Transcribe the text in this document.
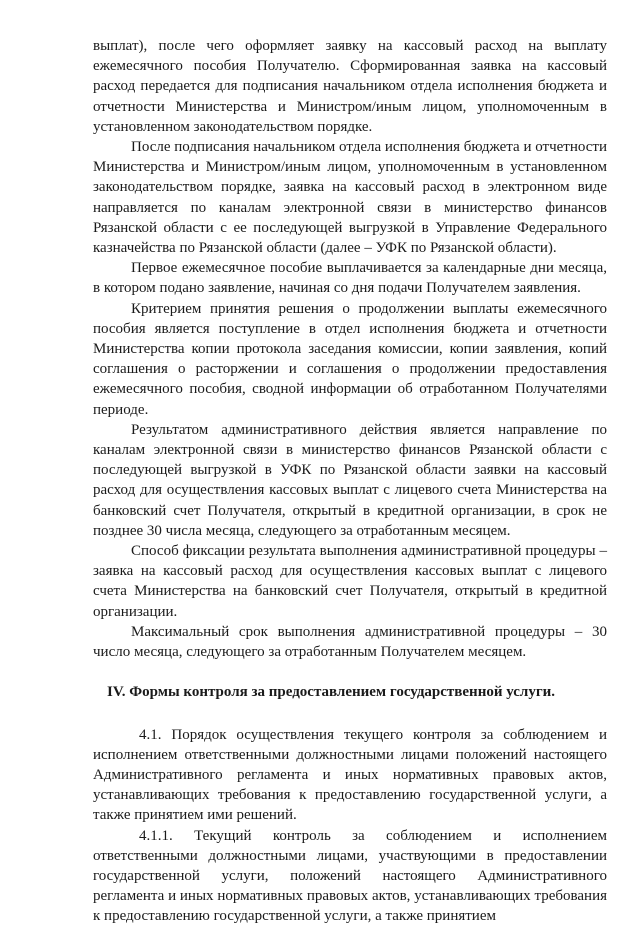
выплат), после чего оформляет заявку на кассовый расход на выплату ежемесячного пособия Получателю. Сформированная заявка на кассовый расход передается для подписания начальником отдела исполнения бюджета и отчетности Министерства и Министром/иным лицом, уполномоченным в установленном законодательством порядке.

После подписания начальником отдела исполнения бюджета и отчетности Министерства и Министром/иным лицом, уполномоченным в установленном законодательством порядке, заявка на кассовый расход в электронном виде направляется по каналам электронной связи в министерство финансов Рязанской области с ее последующей выгрузкой в Управление Федерального казначейства по Рязанской области (далее – УФК по Рязанской области).

Первое ежемесячное пособие выплачивается за календарные дни месяца, в котором подано заявление, начиная со дня подачи Получателем заявления.

Критерием принятия решения о продолжении выплаты ежемесячного пособия является поступление в отдел исполнения бюджета и отчетности Министерства копии протокола заседания комиссии, копии заявления, копий соглашения о расторжении и соглашения о продолжении предоставления ежемесячного пособия, сводной информации об отработанном Получателями периоде.

Результатом административного действия является направление по каналам электронной связи в министерство финансов Рязанской области с последующей выгрузкой в УФК по Рязанской области заявки на кассовый расход для осуществления кассовых выплат с лицевого счета Министерства на банковский счет Получателя, открытый в кредитной организации, в срок не позднее 30 числа месяца, следующего за отработанным месяцем.

Способ фиксации результата выполнения административной процедуры – заявка на кассовый расход для осуществления кассовых выплат с лицевого счета Министерства на банковский счет Получателя, открытый в кредитной организации.

Максимальный срок выполнения административной процедуры – 30 число месяца, следующего за отработанным Получателем месяцем.

IV. Формы контроля за предоставлением государственной услуги.

4.1. Порядок осуществления текущего контроля за соблюдением и исполнением ответственными должностными лицами положений настоящего Административного регламента и иных нормативных правовых актов, устанавливающих требования к предоставлению государственной услуги, а также принятием ими решений.

4.1.1. Текущий контроль за соблюдением и исполнением ответственными должностными лицами, участвующими в предоставлении государственной услуги, положений настоящего Административного регламента и иных нормативных правовых актов, устанавливающих требования к предоставлению государственной услуги, а также принятием
